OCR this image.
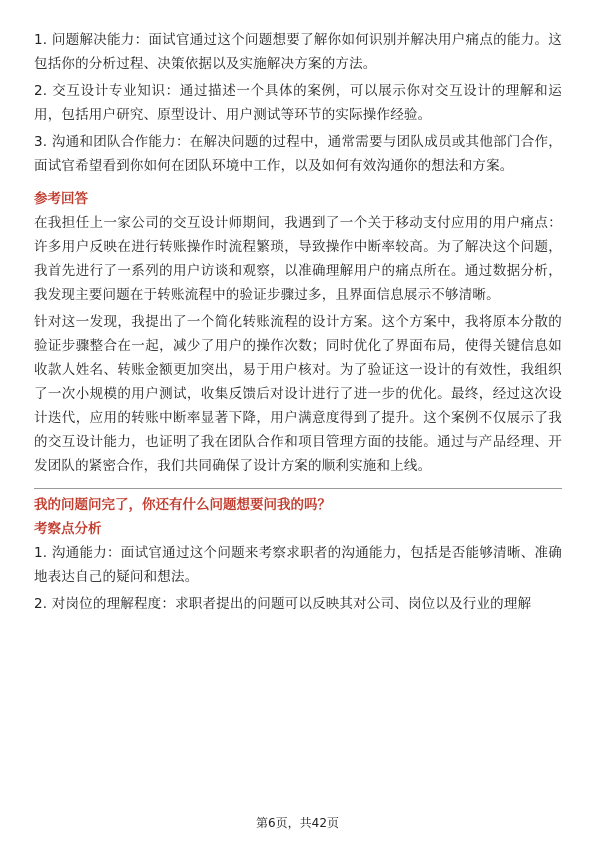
1. 问题解决能力：面试官通过这个问题想要了解你如何识别并解决用户痛点的能力。这包括你的分析过程、决策依据以及实施解决方案的方法。

2. 交互设计专业知识：通过描述一个具体的案例，可以展示你对交互设计的理解和运用，包括用户研究、原型设计、用户测试等环节的实际操作经验。

3. 沟通和团队合作能力：在解决问题的过程中，通常需要与团队成员或其他部门合作，面试官希望看到你如何在团队环境中工作，以及如何有效沟通你的想法和方案。

参考回答

在我担任上一家公司的交互设计师期间，我遇到了一个关于移动支付应用的用户痛点：许多用户反映在进行转账操作时流程繁琐，导致操作中断率较高。为了解决这个问题，我首先进行了一系列的用户访谈和观察，以准确理解用户的痛点所在。通过数据分析，我发现主要问题在于转账流程中的验证步骤过多，且界面信息展示不够清晰。

针对这一发现，我提出了一个简化转账流程的设计方案。这个方案中，我将原本分散的验证步骤整合在一起，减少了用户的操作次数；同时优化了界面布局，使得关键信息如收款人姓名、转账金额更加突出，易于用户核对。为了验证这一设计的有效性，我组织了一次小规模的用户测试，收集反馈后对设计进行了进一步的优化。最终，经过这次设计迭代，应用的转账中断率显著下降，用户满意度得到了提升。这个案例不仅展示了我的交互设计能力，也证明了我在团队合作和项目管理方面的技能。通过与产品经理、开发团队的紧密合作，我们共同确保了设计方案的顺利实施和上线。

我的问题问完了，你还有什么问题想要问我的吗？

考察点分析

1. 沟通能力：面试官通过这个问题来考察求职者的沟通能力，包括是否能够清晰、准确地表达自己的疑问和想法。

2. 对岗位的理解程度：求职者提出的问题可以反映其对公司、岗位以及行业的理解

第6页，共42页
